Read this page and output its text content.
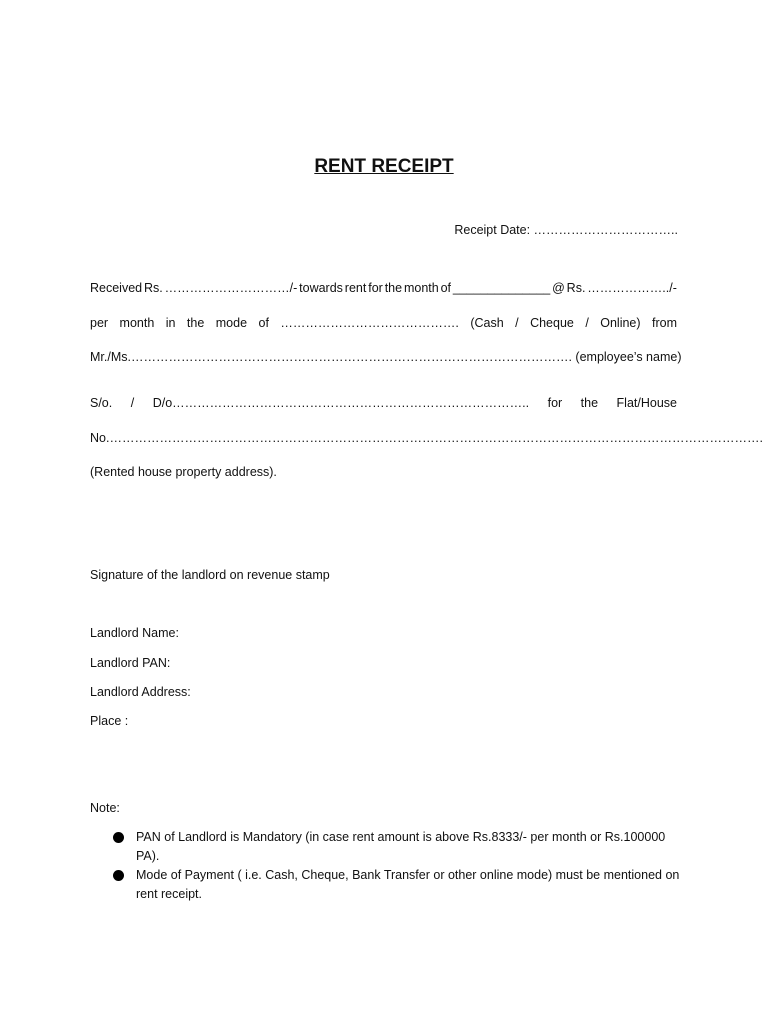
RENT RECEIPT
Receipt Date: ……………………………..
Received Rs. …………………………/- towards rent for the month of ______________ @ Rs. ………………../-
per month in the mode of ……………………………………. (Cash / Cheque / Online) from
Mr./Ms.……………………………………………………………………………………………. (employee’s name)
S/o. / D/o………………………………………………………………………….. for the Flat/House
No.………………………………………………………………………………………………………………………………………….
(Rented house property address).
Signature of the landlord on revenue stamp
Landlord Name:
Landlord PAN:
Landlord Address:
Place :
Note:
PAN of Landlord is Mandatory (in case rent amount is above Rs.8333/- per month or Rs.100000 PA).
Mode of Payment ( i.e. Cash, Cheque, Bank Transfer or other online mode) must be mentioned on rent receipt.
